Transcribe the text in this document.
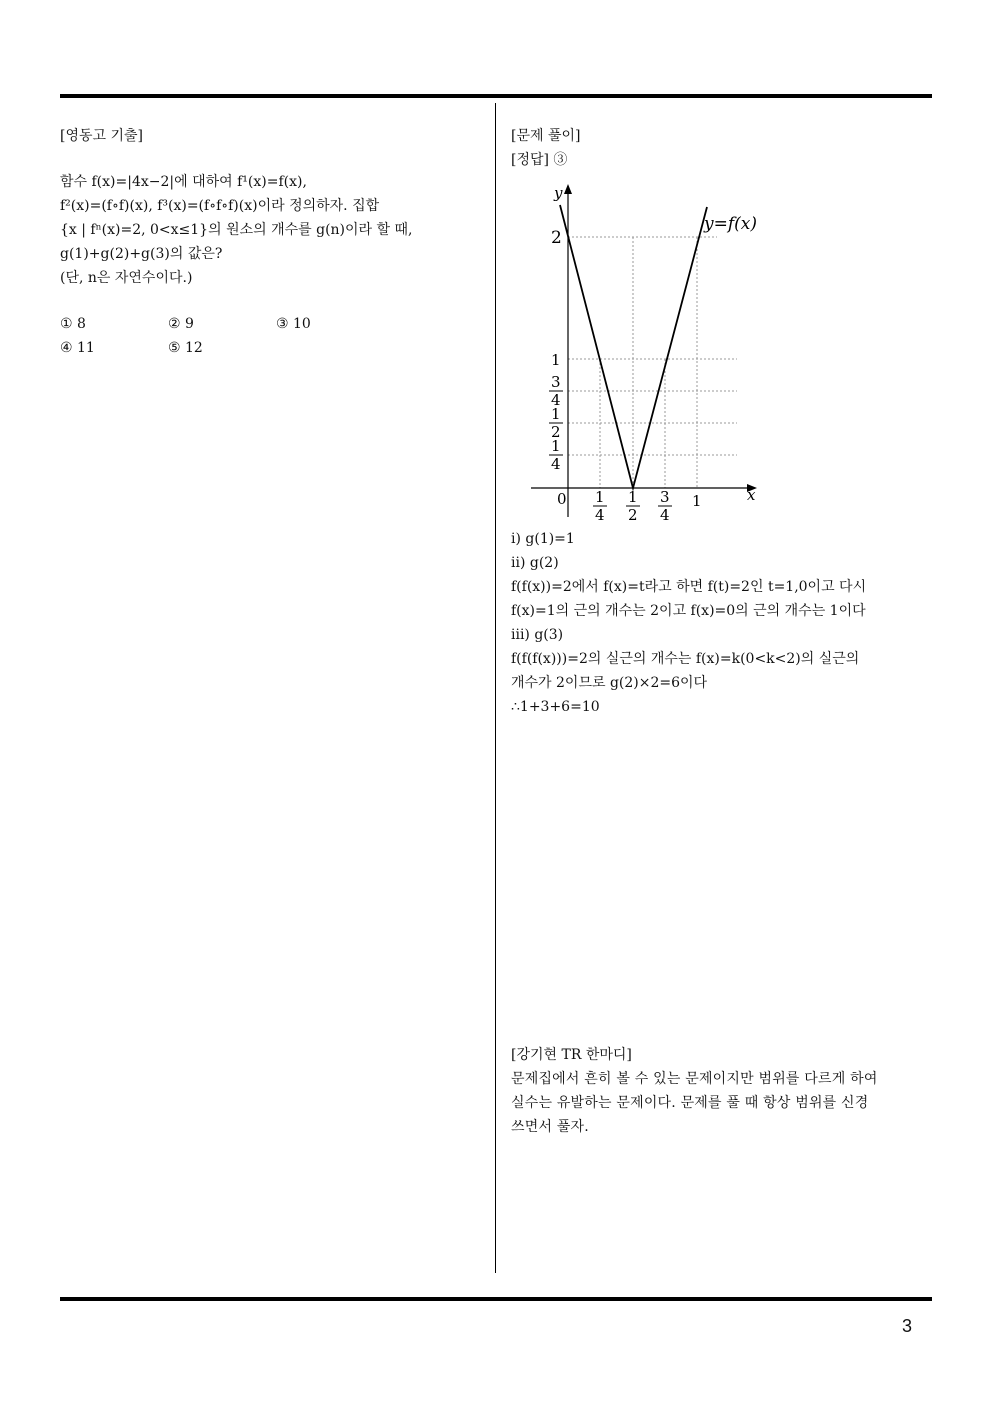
[영동고 기출]
함수 f(x)=|4x−2|에 대하여 f¹(x)=f(x),
f²(x)=(f∘f)(x), f³(x)=(f∘f∘f)(x)이라 정의하자. 집합
{x | fⁿ(x)=2, 0<x≤1}의 원소의 개수를 g(n)이라 할 때,
g(1)+g(2)+g(3)의 값은?
(단, n은 자연수이다.)
① 8	② 9	③ 10
④ 11	⑤ 12
[문제 풀이]
[정답] ③
y
x
0
y=f(x)
2
1
3
4
1
2
1
4
1
4
1
2
3
4
1
i) g(1)=1
ii) g(2)
f(f(x))=2에서 f(x)=t라고 하면 f(t)=2인 t=1,0이고 다시
f(x)=1의 근의 개수는 2이고 f(x)=0의 근의 개수는 1이다
iii) g(3)
f(f(f(x)))=2의 실근의 개수는 f(x)=k(0<k<2)의 실근의
개수가 2이므로 g(2)×2=6이다
∴1+3+6=10
[강기현 TR 한마디]
문제집에서 흔히 볼 수 있는 문제이지만 범위를 다르게 하여
실수는 유발하는 문제이다. 문제를 풀 때 항상 범위를 신경
쓰면서 풀자.
3
